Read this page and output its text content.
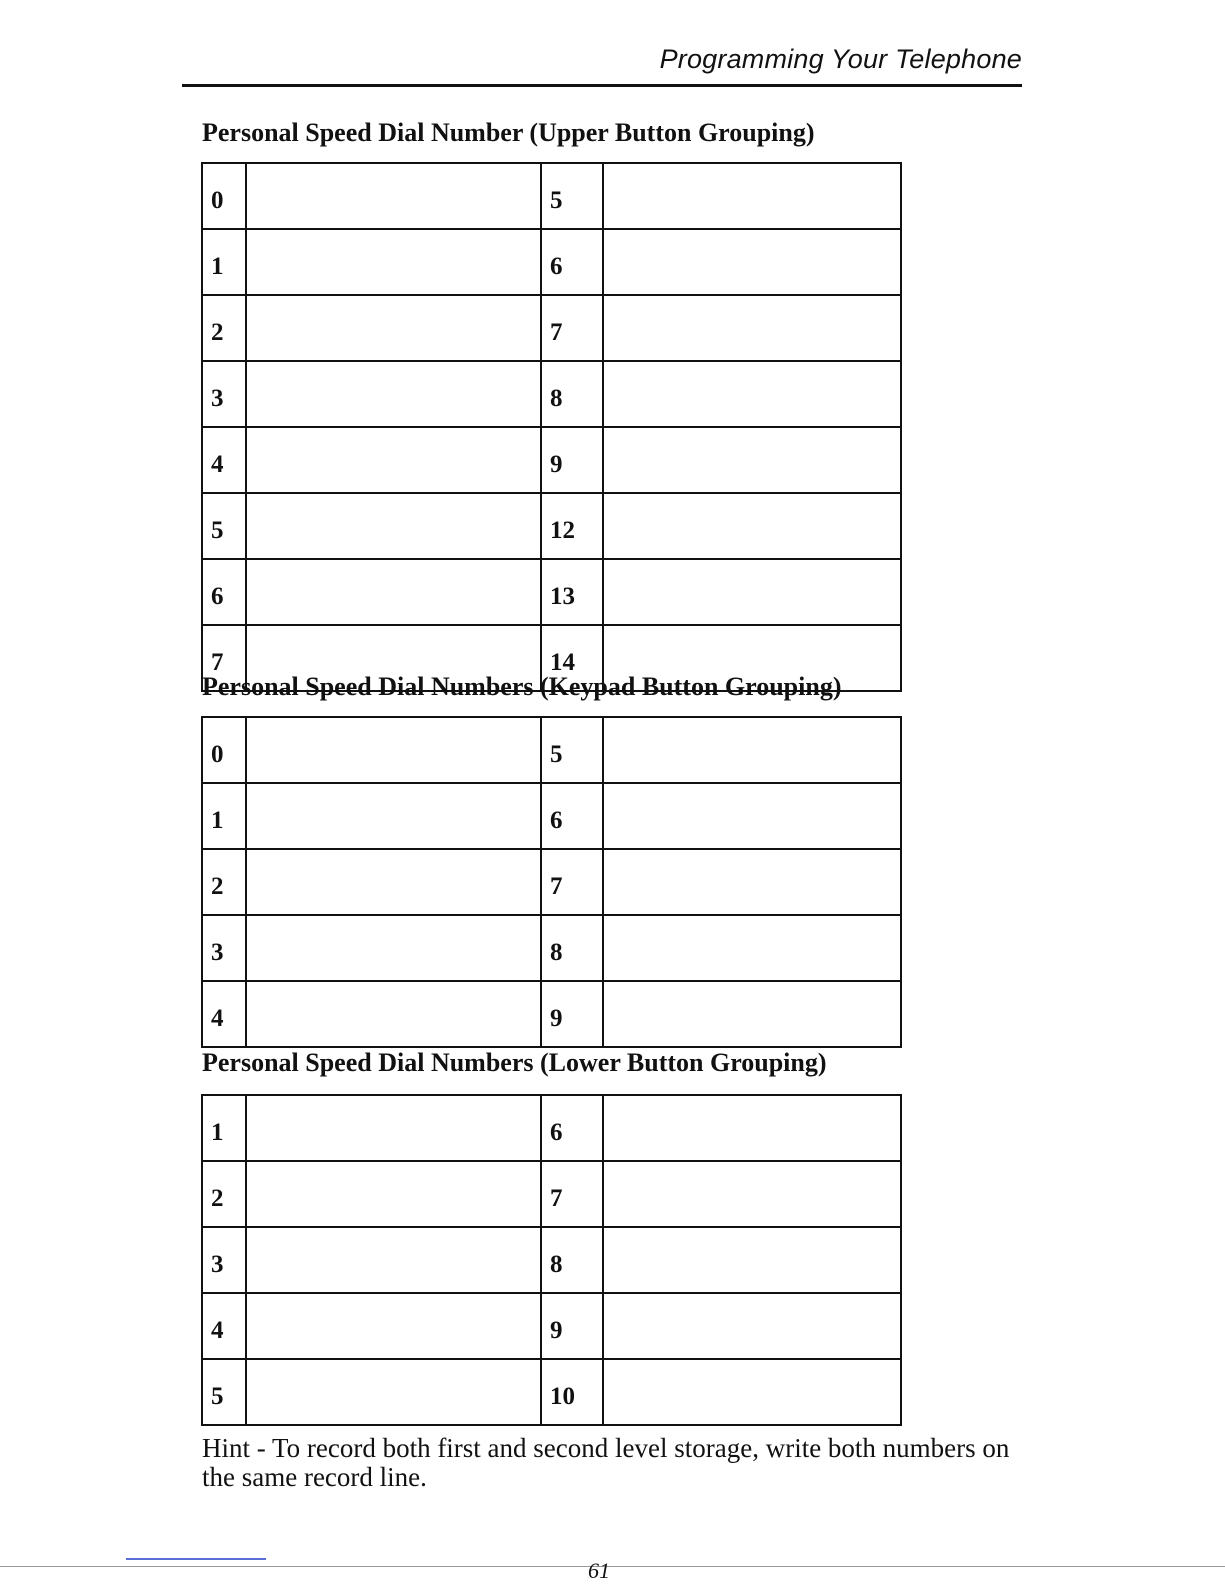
Programming Your Telephone
Personal Speed Dial Number (Upper Button Grouping)
0		5	
1		6	
2		7	
3		8	
4		9	
5		12	
6		13	
7		14	
Personal Speed Dial Numbers (Keypad Button Grouping)
0		5	
1		6	
2		7	
3		8	
4		9	
Personal Speed Dial Numbers (Lower Button Grouping)
1		6	
2		7	
3		8	
4		9	
5		10	
Hint - To record both first and second level storage, write both numbers on the same record line.
61
